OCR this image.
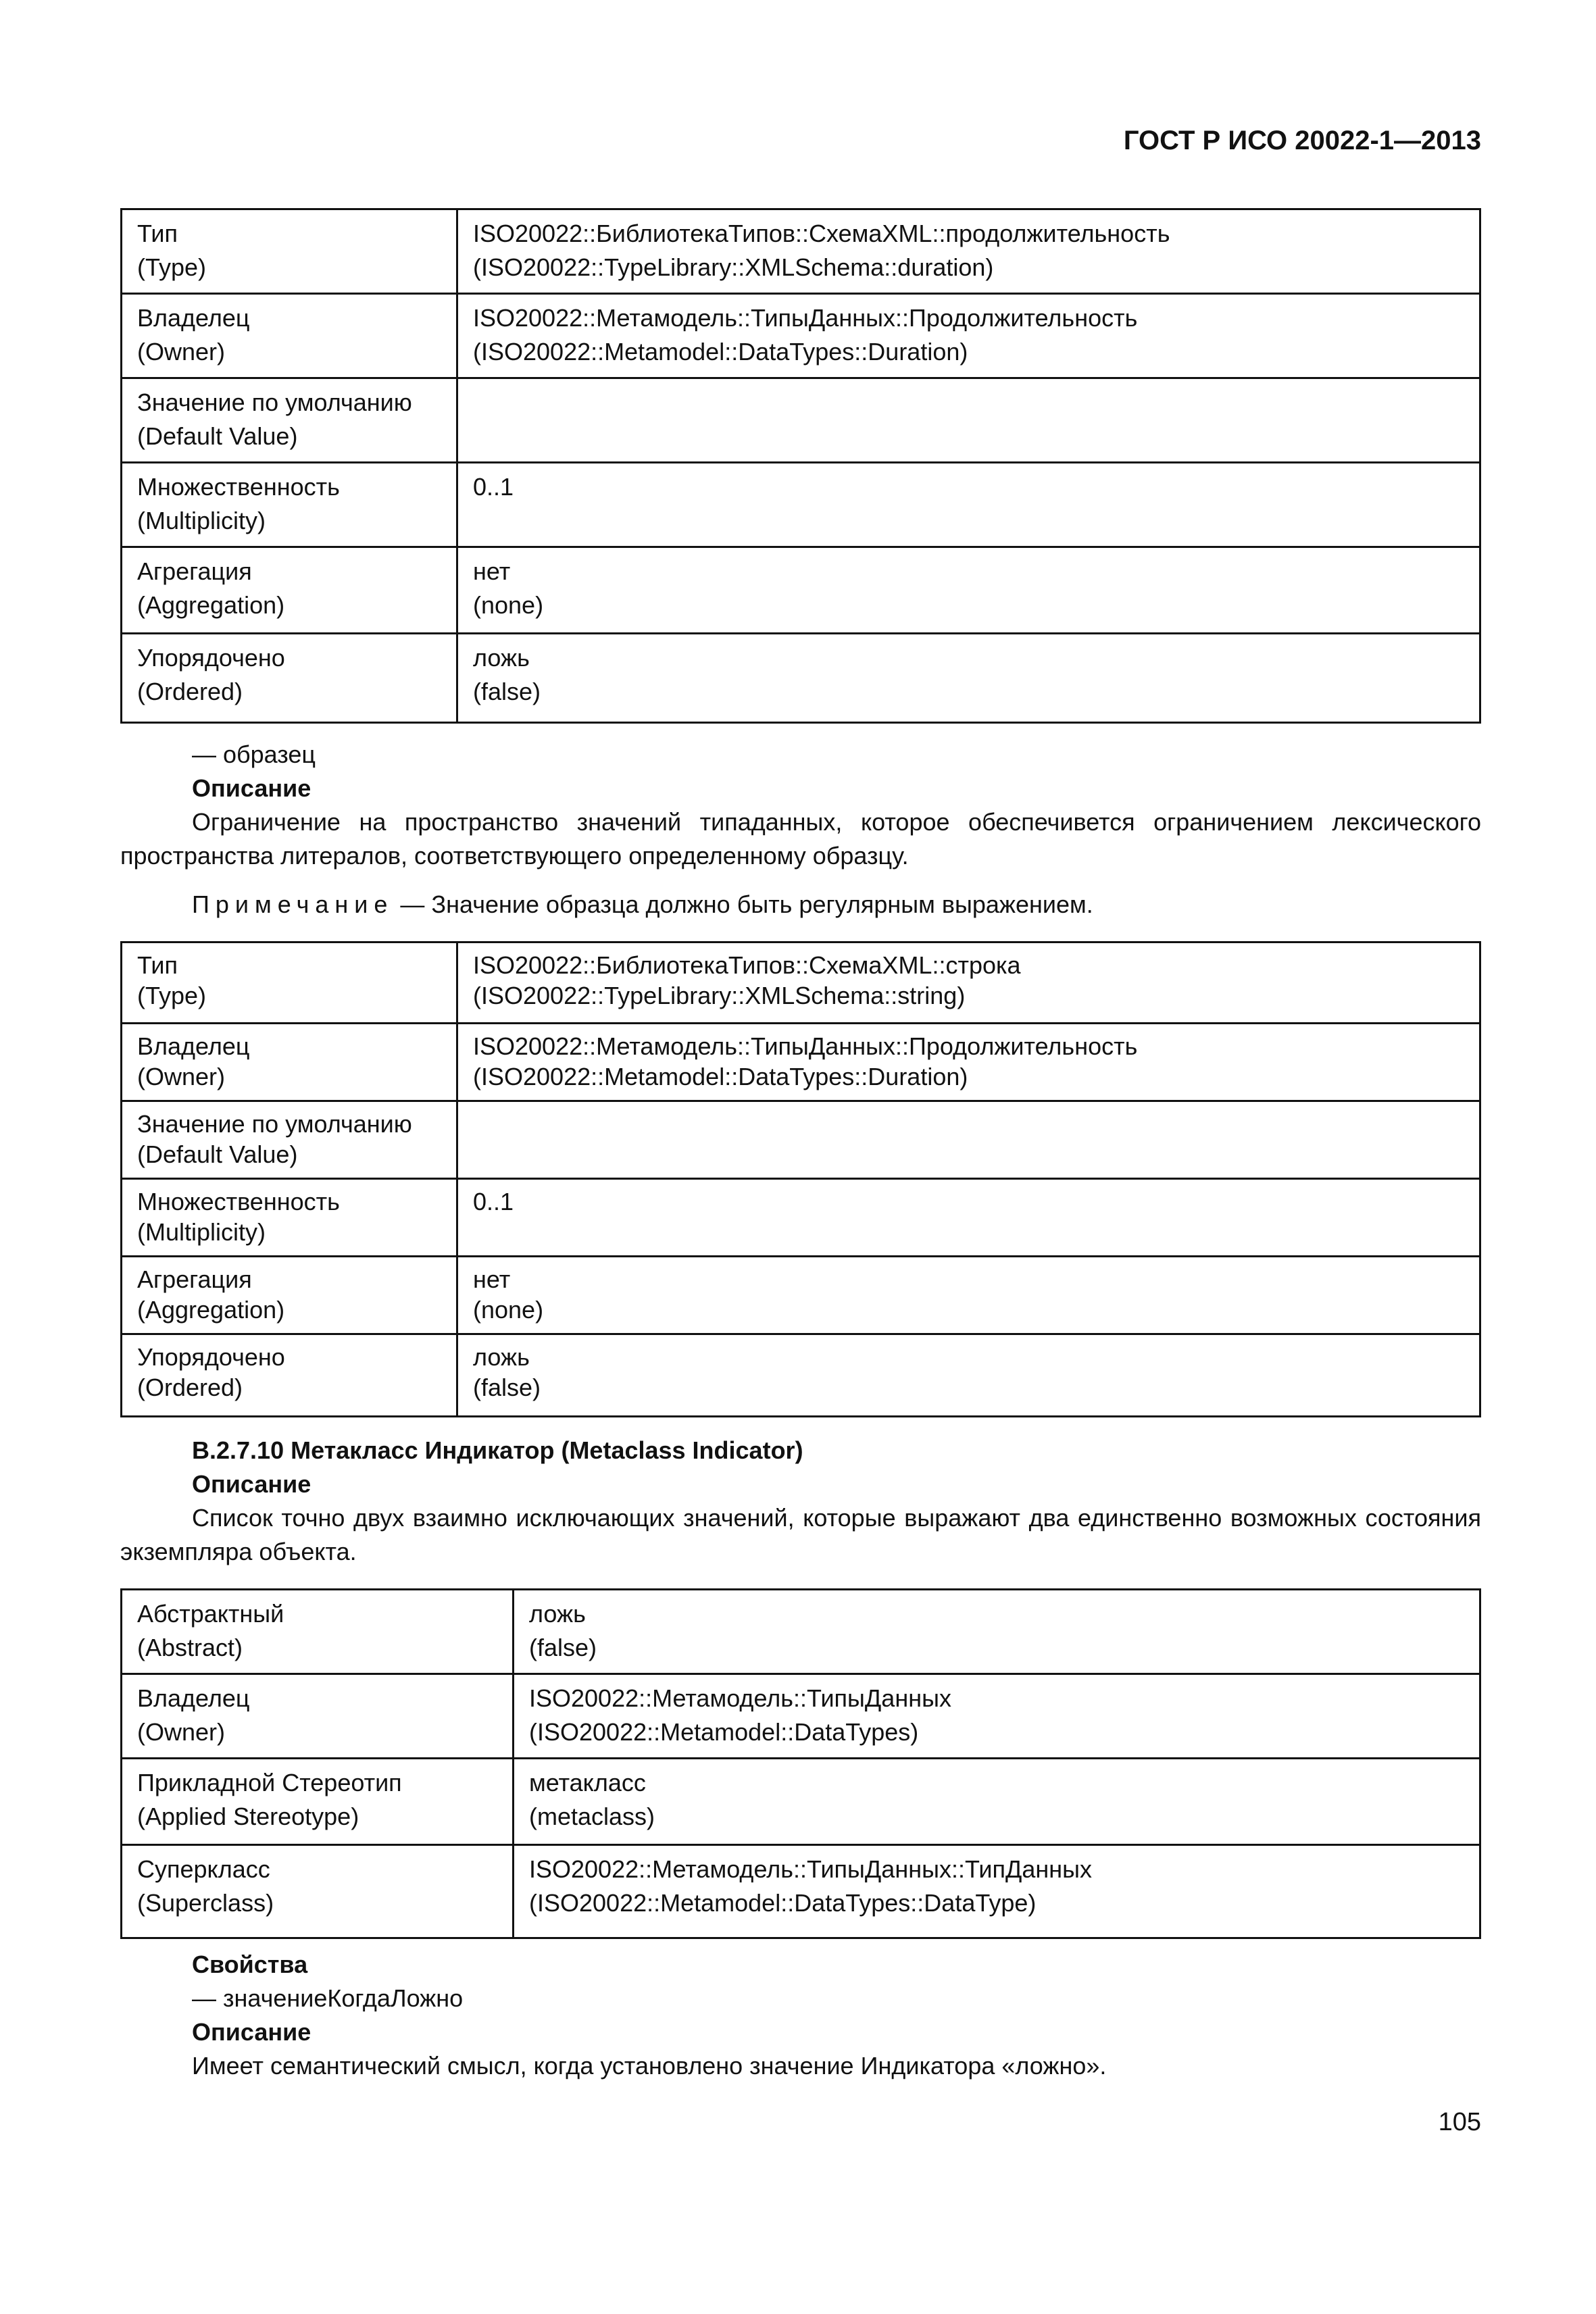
ГОСТ Р ИСО 20022-1—2013
Тип
(Type)	ISO20022::БиблиотекаТипов::СхемаXML::продолжительность
(ISO20022::TypeLibrary::XMLSchema::duration)

Владелец
(Owner)	ISO20022::Метамодель::ТипыДанных::Продолжительность
(ISO20022::Metamodel::DataTypes::Duration)

Значение по умолчанию
(Default Value)	

Множественность
(Multiplicity)	0..1

Агрегация
(Aggregation)	нет
(none)

Упорядочено
(Ordered)	ложь
(false)
— образец
Описание
Ограничение на пространство значений типаданных, которое обеспечивется ограничением лексического пространства литералов, соответствующего определенному образцу.
Примечание — Значение образца должно быть регулярным выражением.
Тип
(Type)	ISO20022::БиблиотекаТипов::СхемаXML::строка
(ISO20022::TypeLibrary::XMLSchema::string)

Владелец
(Owner)	ISO20022::Метамодель::ТипыДанных::Продолжительность
(ISO20022::Metamodel::DataTypes::Duration)

Значение по умолчанию
(Default Value)	

Множественность
(Multiplicity)	0..1

Агрегация
(Aggregation)	нет
(none)

Упорядочено
(Ordered)	ложь
(false)
B.2.7.10 Метакласс Индикатор (Metaclass Indicator)
Описание
Список точно двух взаимно исключающих значений, которые выражают два единственно возможных состояния экземпляра объекта.
Абстрактный
(Abstract)	ложь
(false)

Владелец
(Owner)	ISO20022::Метамодель::ТипыДанных
(ISO20022::Metamodel::DataTypes)

Прикладной Стереотип
(Applied Stereotype)	метакласс
(metaclass)

Суперкласс
(Superclass)	ISO20022::Метамодель::ТипыДанных::ТипДанных
(ISO20022::Metamodel::DataTypes::DataType)
Свойства
— значениеКогдаЛожно
Описание
Имеет семантический смысл, когда установлено значение Индикатора «ложно».
105
